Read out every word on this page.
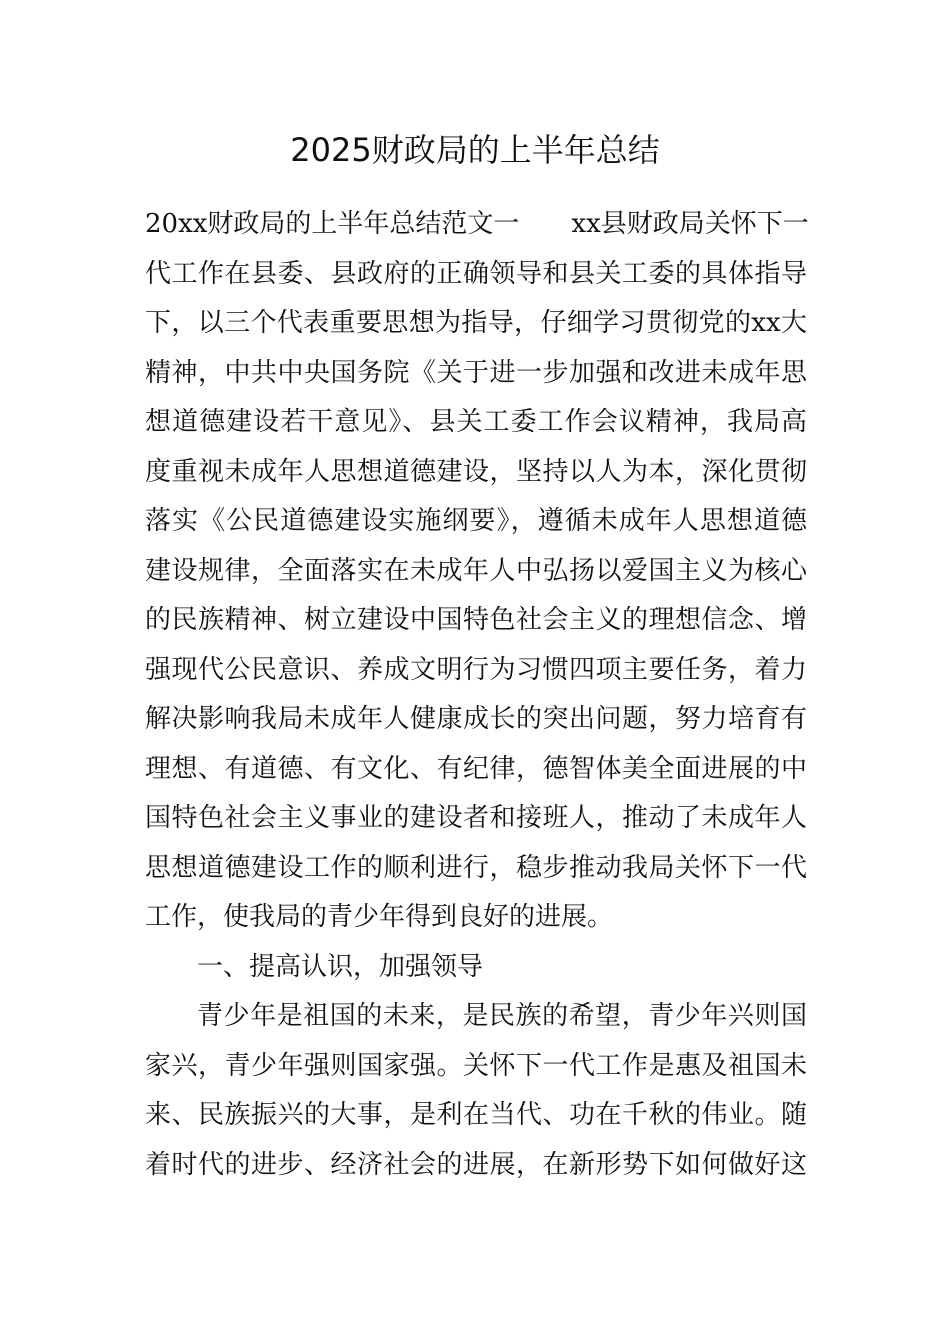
2025财政局的上半年总结
20xx财政局的上半年总结范文一　　xx县财政局关怀下一
代工作在县委、县政府的正确领导和县关工委的具体指导
下，以三个代表重要思想为指导，仔细学习贯彻党的xx大
精神，中共中央国务院《关于进一步加强和改进未成年思
想道德建设若干意见》、县关工委工作会议精神，我局高
度重视未成年人思想道德建设，坚持以人为本，深化贯彻
落实《公民道德建设实施纲要》，遵循未成年人思想道德
建设规律，全面落实在未成年人中弘扬以爱国主义为核心
的民族精神、树立建设中国特色社会主义的理想信念、增
强现代公民意识、养成文明行为习惯四项主要任务，着力
解决影响我局未成年人健康成长的突出问题，努力培育有
理想、有道德、有文化、有纪律，德智体美全面进展的中
国特色社会主义事业的建设者和接班人，推动了未成年人
思想道德建设工作的顺利进行，稳步推动我局关怀下一代
工作，使我局的青少年得到良好的进展。
一、提高认识，加强领导
青少年是祖国的未来，是民族的希望，青少年兴则国
家兴，青少年强则国家强。关怀下一代工作是惠及祖国未
来、民族振兴的大事，是利在当代、功在千秋的伟业。随
着时代的进步、经济社会的进展，在新形势下如何做好这
